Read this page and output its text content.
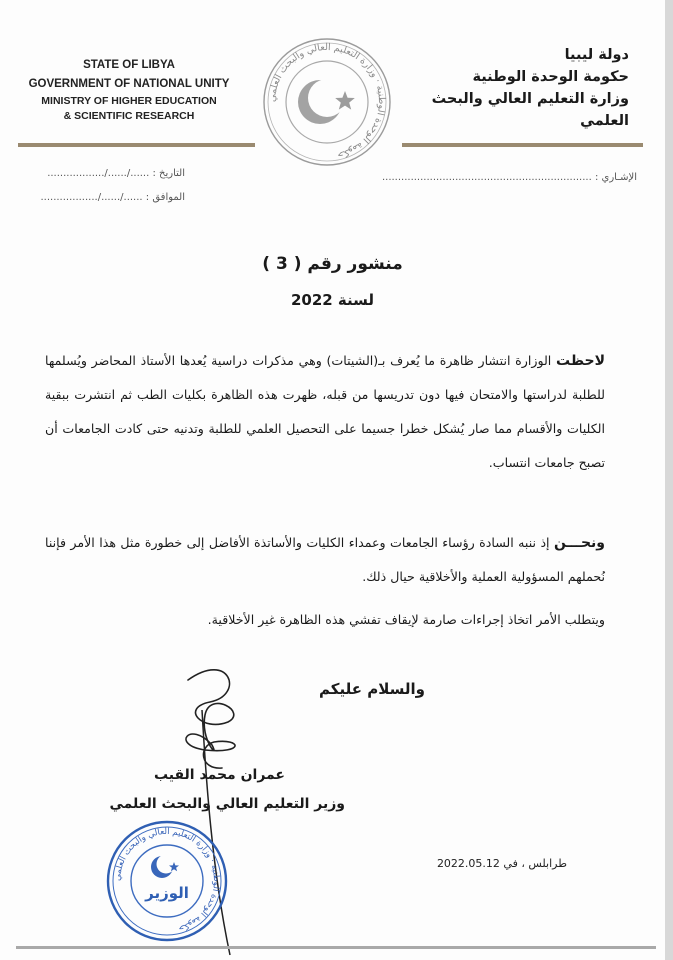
STATE OF LIBYA
GOVERNMENT OF NATIONAL UNITY
MINISTRY OF HIGHER EDUCATION
& SCIENTIFIC RESEARCH
حكومة الوحدة الوطنية · وزارة التعليم العالي والبحث العلمي
دولة ليبيا
حكومة الوحدة الوطنية
وزارة التعليم العالي والبحث العلمي
التاريخ : ....../....../..................
الموافق : ....../....../..................
الإشـاري : ..................................................................
منشور رقم ( 3 )
لسنة 2022
لاحظت الوزارة انتشار ظاهرة ما يُعرف بـ(الشيتات) وهي مذكرات دراسية يُعدها الأستاذ المحاضر ويُسلمها للطلبة لدراستها والامتحان فيها دون تدريسها من قبله، ظهرت هذه الظاهرة بكليات الطب ثم انتشرت ببقية الكليات والأقسام مما صار يُشكل خطرا جسيما على التحصيل العلمي للطلبة وتدنيه حتى كادت الجامعات أن تصبح جامعات انتساب.
ونحـــن إذ ننبه السادة رؤساء الجامعات وعمداء الكليات والأساتذة الأفاضل إلى خطورة مثل هذا الأمر فإننا نُحملهم المسؤولية العملية والأخلاقية حيال ذلك.
ويتطلب الأمر اتخاذ إجراءات صارمة لإيقاف تفشي هذه الظاهرة غير الأخلاقية.
والسلام عليكم
عمران محمد القيب
وزير التعليم العالي والبحث العلمي
حكومة الوحدة الوطنية · وزارة التعليم العالي والبحث العلمي
الوزير
طرابلس ، في 2022.05.12
